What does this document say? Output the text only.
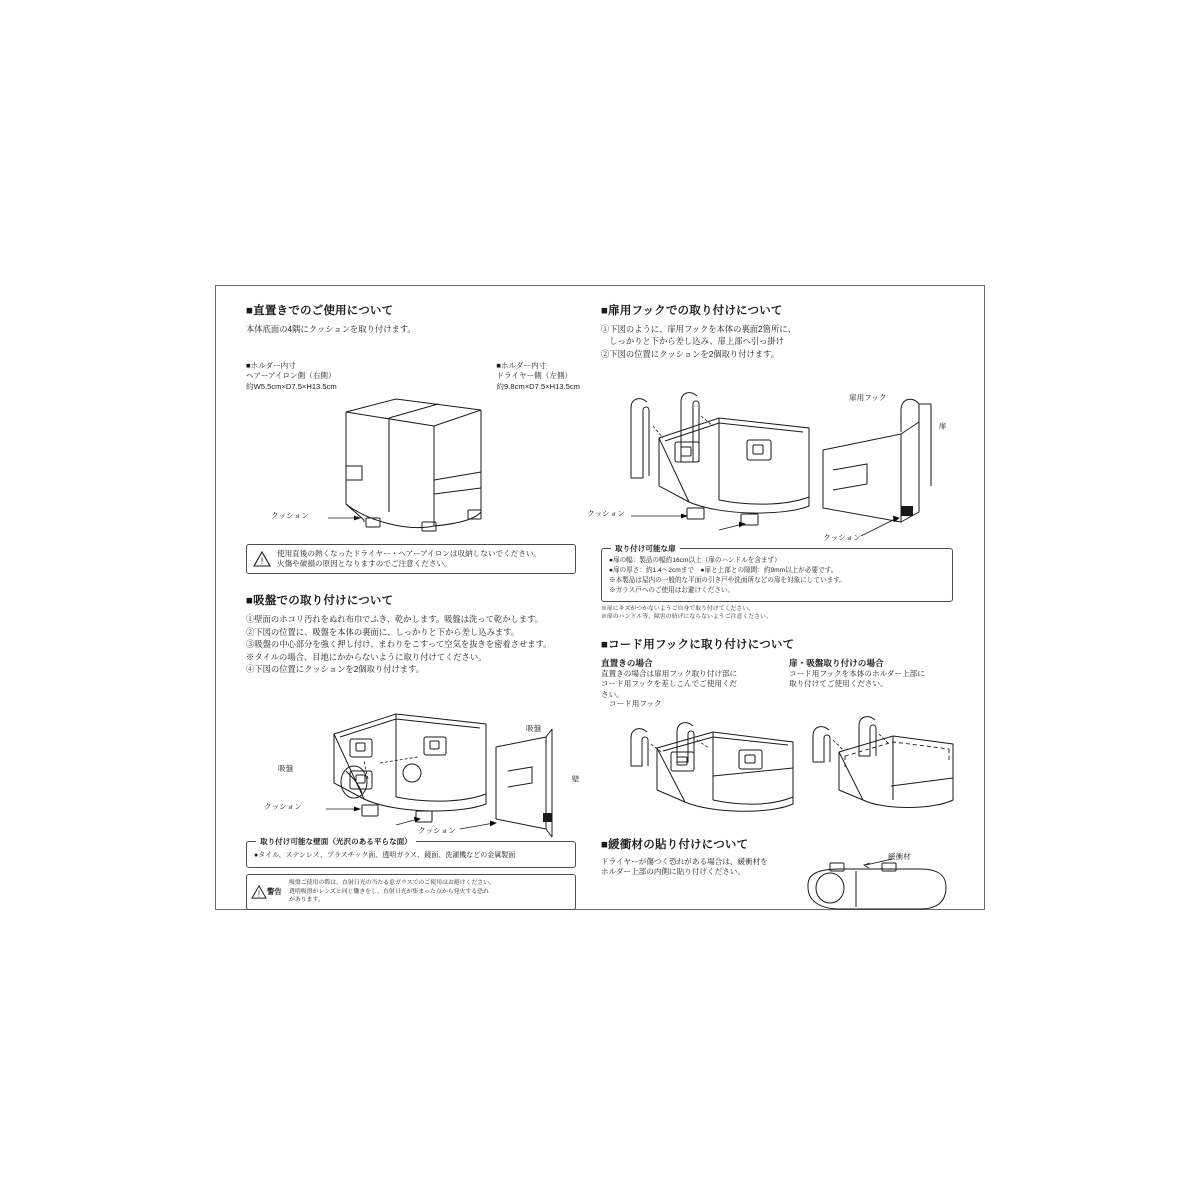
■直置きでのご使用について

本体底面の4隅にクッションを取り付けます。

■ホルダー内寸
ヘアーアイロン側（右側）
約W5.5cm×D7.5×H13.5cm
■ホルダー内寸
ドライヤー側（左側）
約9.8cm×D7.5×H13.5cm
クッション
!
使用直後の熱くなったドライヤー・ヘアーアイロンは収納しないでください。
火傷や破損の原因となりますのでご注意ください。
■吸盤での取り付けについて
①壁面のホコリ汚れをぬれ布巾でふき、乾かします。吸盤は洗って乾かします。
②下図の位置に、吸盤を本体の裏面に、しっかりと下から差し込みます。
③吸盤の中心部分を強く押し付け、まわりをこすって空気を抜きを密着させます。
※タイルの場合、目地にかからないように取り付けてください。
④下図の位置にクッションを2個取り付けます。
吸盤
吸盤
クッション
クッション
壁
取り付け可能な壁面（光沢のある平らな面）
●タイル、ステンレス、プラスチック面、透明ガラス、鏡面、洗濯機などの金属製面
! 警告
吸盤ご使用の際は、直射日光の当たる窓ガラスでのご使用はお避けください。
透明吸盤がレンズと同じ働きをし、直射日光が集まった点から発火する恐れ
があります。
■扉用フックでの取り付けについて
①下図のように、扉用フックを本体の裏面2箇所に、
　しっかりと下から差し込み、扉上部へ引っ掛け
②下図の位置にクッションを2個取り付けます。
扉用フック
扉
クッション
クッション
取り付け可能な扉
●扉の幅：製品の幅約16cm以上（扉のハンドルを含まず）
●扉の厚さ：約1.4～2cmまで　●扉と上部との隙間：約9mm以上が必要です。
※本製品は屋内の一般的な平面の引き戸や洗面所などの扉を対象にしています。
※ガラス戸へのご使用はお避けください。
※扉にキズがつかないようご自身で取り付けてください。
※扉のハンドル等、障害の妨げにならないようご注意ください。
■コード用フックに取り付けについて
直置きの場合
直置きの場合は扉用フック取り付け部に
コード用フックを差しこんでご使用くだ
さい。
扉・吸盤取り付けの場合
コード用フックを本体のホルダー上部に
取り付けてご使用ください。
コード用フック
■緩衝材の貼り付けについて
ドライヤーが傷つく恐れがある場合は、緩衝材を
ホルダー上部の内側に貼り付けください。
緩衝材
